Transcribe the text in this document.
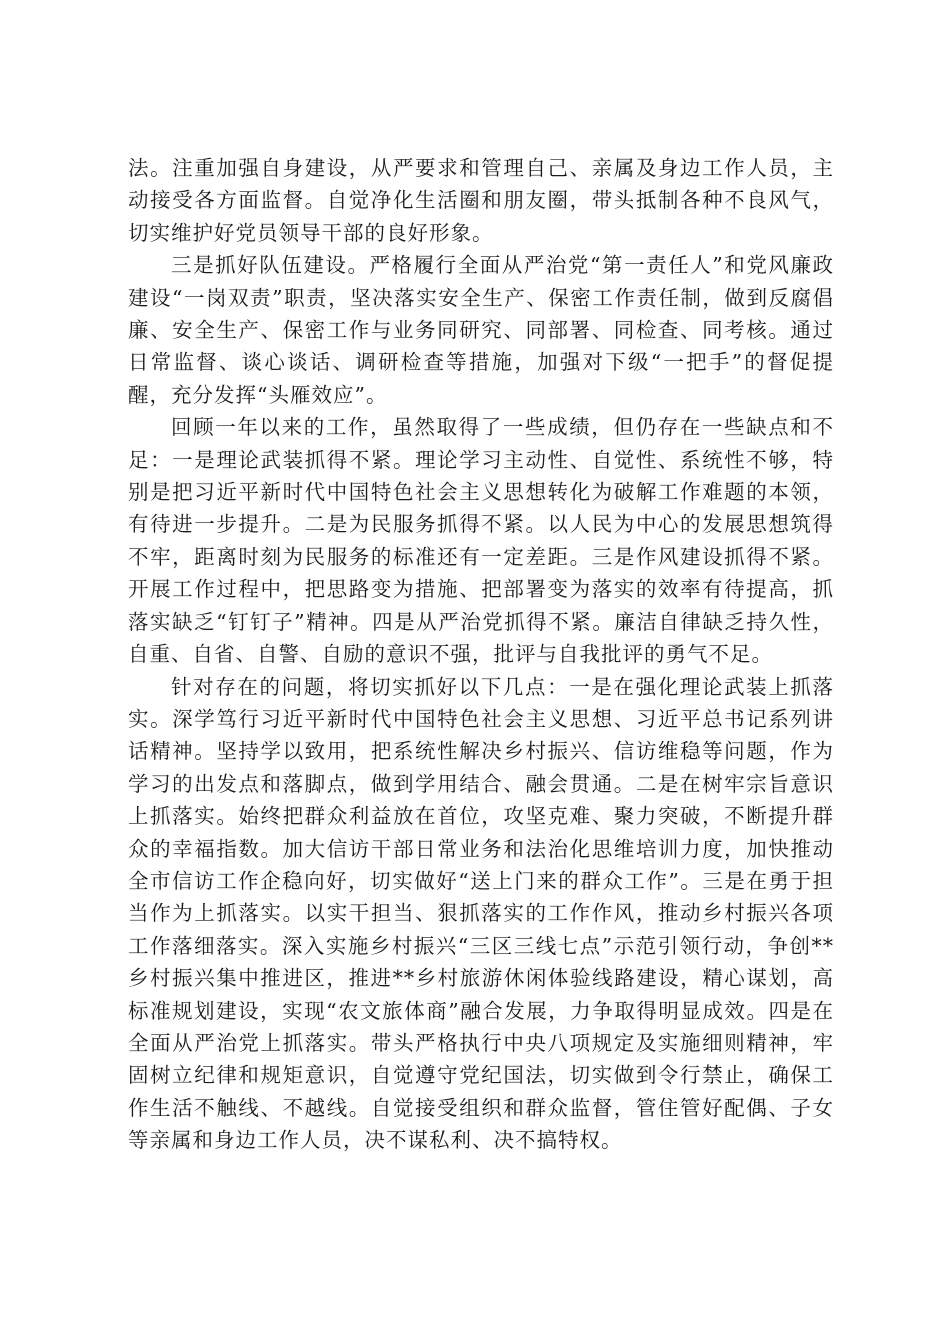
法。注重加强自身建设，从严要求和管理自己、亲属及身边工作人员，主动接受各方面监督。自觉净化生活圈和朋友圈，带头抵制各种不良风气，切实维护好党员领导干部的良好形象。

三是抓好队伍建设。严格履行全面从严治党“第一责任人”和党风廉政建设“一岗双责”职责，坚决落实安全生产、保密工作责任制，做到反腐倡廉、安全生产、保密工作与业务同研究、同部署、同检查、同考核。通过日常监督、谈心谈话、调研检查等措施，加强对下级“一把手”的督促提醒，充分发挥“头雁效应”。

回顾一年以来的工作，虽然取得了一些成绩，但仍存在一些缺点和不足：一是理论武装抓得不紧。理论学习主动性、自觉性、系统性不够，特别是把习近平新时代中国特色社会主义思想转化为破解工作难题的本领，有待进一步提升。二是为民服务抓得不紧。以人民为中心的发展思想筑得不牢，距离时刻为民服务的标准还有一定差距。三是作风建设抓得不紧。开展工作过程中，把思路变为措施、把部署变为落实的效率有待提高，抓落实缺乏“钉钉子”精神。四是从严治党抓得不紧。廉洁自律缺乏持久性，自重、自省、自警、自励的意识不强，批评与自我批评的勇气不足。

针对存在的问题，将切实抓好以下几点：一是在强化理论武装上抓落实。深学笃行习近平新时代中国特色社会主义思想、习近平总书记系列讲话精神。坚持学以致用，把系统性解决乡村振兴、信访维稳等问题，作为学习的出发点和落脚点，做到学用结合、融会贯通。二是在树牢宗旨意识上抓落实。始终把群众利益放在首位，攻坚克难、聚力突破，不断提升群众的幸福指数。加大信访干部日常业务和法治化思维培训力度，加快推动全市信访工作企稳向好，切实做好“送上门来的群众工作”。三是在勇于担当作为上抓落实。以实干担当、狠抓落实的工作作风，推动乡村振兴各项工作落细落实。深入实施乡村振兴“三区三线七点”示范引领行动，争创**乡村振兴集中推进区，推进**乡村旅游休闲体验线路建设，精心谋划，高标准规划建设，实现“农文旅体商”融合发展，力争取得明显成效。四是在全面从严治党上抓落实。带头严格执行中央八项规定及实施细则精神，牢固树立纪律和规矩意识，自觉遵守党纪国法，切实做到令行禁止，确保工作生活不触线、不越线。自觉接受组织和群众监督，管住管好配偶、子女等亲属和身边工作人员，决不谋私利、决不搞特权。
